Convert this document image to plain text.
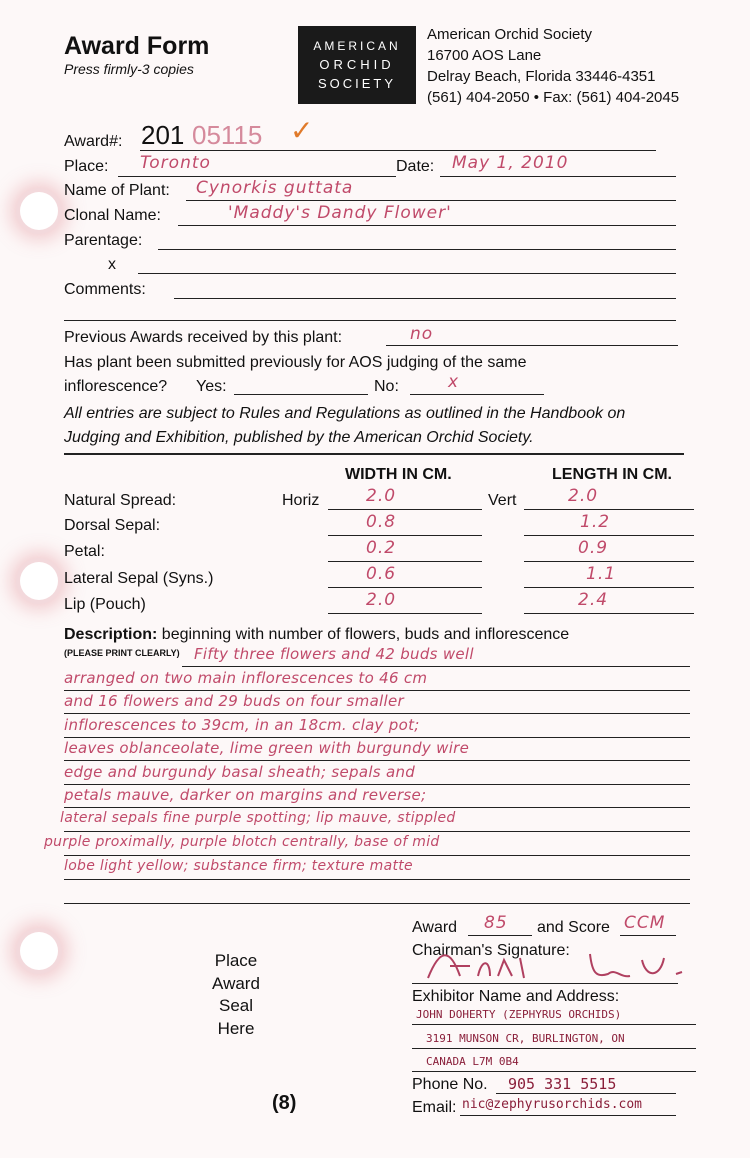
Award Form
Press firmly-3 copies
AMERICAN
ORCHID
SOCIETY
American Orchid Society
16700 AOS Lane
Delray Beach, Florida 33446-4351
(561) 404-2050 • Fax: (561) 404-2045
Award#: 201 05115 ✓
Place: Toronto	Date: May 1, 2010
Name of Plant: Cynorkis guttata
Clonal Name:	'Maddy's Dandy Flower'
Parentage:
x
Comments:
Previous Awards received by this plant:	no
Has plant been submitted previously for AOS judging of the same
inflorescence? Yes:	No:	x
All entries are subject to Rules and Regulations as outlined in the Handbook on Judging and Exhibition, published by the American Orchid Society.
WIDTH IN CM.	LENGTH IN CM.
Natural Spread:	Horiz	2.0	Vert	2.0
Dorsal Sepal:	0.8	1.2
Petal:	0.2	0.9
Lateral Sepal (Syns.)	0.6	1.1
Lip (Pouch)	2.0	2.4
Description: beginning with number of flowers, buds and inflorescence
(PLEASE PRINT CLEARLY) Fifty three flowers and 42 buds well
arranged on two main inflorescences to 46 cm
and 16 flowers and 29 buds on four smaller
inflorescences to 39cm, in an 18cm. clay pot;
leaves oblanceolate, lime green with burgundy wire
edge and burgundy basal sheath; sepals and
petals mauve, darker on margins and reverse;
lateral sepals fine purple spotting; lip mauve, stippled
purple proximally, purple blotch centrally, base of mid
lobe light yellow; substance firm; texture matte
Place
Award
Seal
Here
(8)
Award 85 and Score CCM
Chairman's Signature:
Exhibitor Name and Address:
JOHN DOHERTY (ZEPHYRUS ORCHIDS)
3191 MUNSON CR, BURLINGTON, ON
CANADA L7M 0B4
Phone No. 905 331 5515
Email: nic@zephyrusorchids.com
